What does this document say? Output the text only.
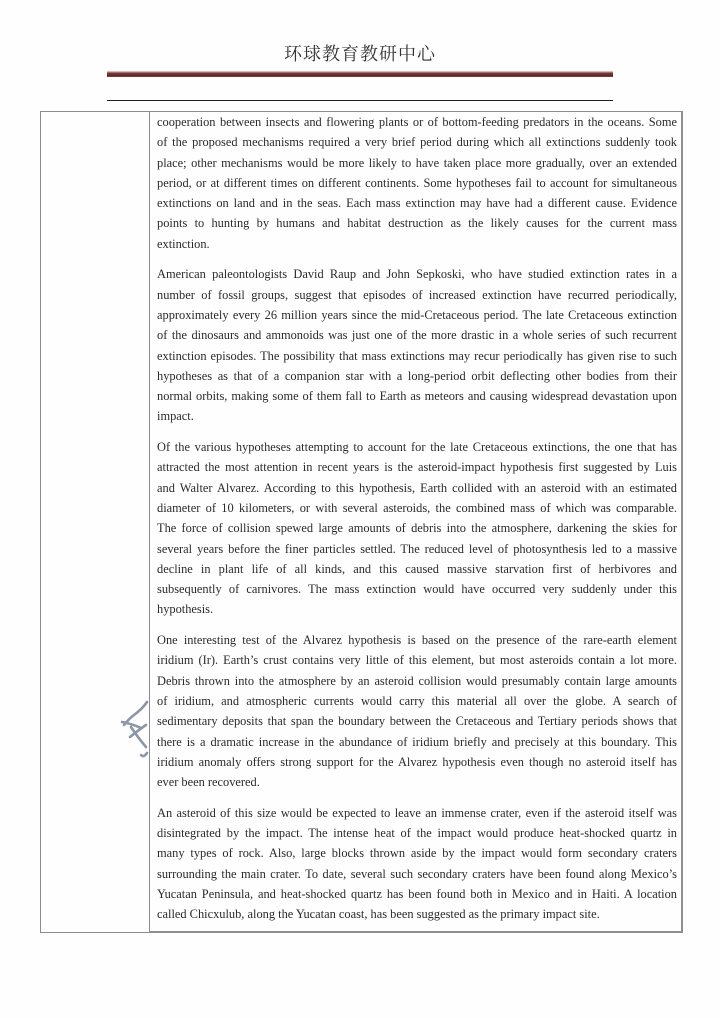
环球教育教研中心

cooperation between insects and flowering plants or of bottom-feeding predators in the oceans. Some
of the proposed mechanisms required a very brief period during which all extinctions suddenly took
place; other mechanisms would be more likely to have taken place more gradually, over an extended
period, or at different times on different continents. Some hypotheses fail to account for simultaneous
extinctions on land and in the seas. Each mass extinction may have had a different cause. Evidence
points to hunting by humans and habitat destruction as the likely causes for the current mass
extinction.
American paleontologists David Raup and John Sepkoski, who have studied extinction rates in a
number of fossil groups, suggest that episodes of increased extinction have recurred periodically,
approximately every 26 million years since the mid-Cretaceous period. The late Cretaceous extinction
of the dinosaurs and ammonoids was just one of the more drastic in a whole series of such recurrent
extinction episodes. The possibility that mass extinctions may recur periodically has given rise to such
hypotheses as that of a companion star with a long-period orbit deflecting other bodies from their
normal orbits, making some of them fall to Earth as meteors and causing widespread devastation upon
impact.
Of the various hypotheses attempting to account for the late Cretaceous extinctions, the one that has
attracted the most attention in recent years is the asteroid-impact hypothesis first suggested by Luis
and Walter Alvarez. According to this hypothesis, Earth collided with an asteroid with an estimated
diameter of 10 kilometers, or with several asteroids, the combined mass of which was comparable.
The force of collision spewed large amounts of debris into the atmosphere, darkening the skies for
several years before the finer particles settled. The reduced level of photosynthesis led to a massive
decline in plant life of all kinds, and this caused massive starvation first of herbivores and
subsequently of carnivores. The mass extinction would have occurred very suddenly under this
hypothesis.
One interesting test of the Alvarez hypothesis is based on the presence of the rare-earth element
iridium (Ir). Earth’s crust contains very little of this element, but most asteroids contain a lot more.
Debris thrown into the atmosphere by an asteroid collision would presumably contain large amounts
of iridium, and atmospheric currents would carry this material all over the globe. A search of
sedimentary deposits that span the boundary between the Cretaceous and Tertiary periods shows that
there is a dramatic increase in the abundance of iridium briefly and precisely at this boundary. This
iridium anomaly offers strong support for the Alvarez hypothesis even though no asteroid itself has
ever been recovered.
An asteroid of this size would be expected to leave an immense crater, even if the asteroid itself was
disintegrated by the impact. The intense heat of the impact would produce heat-shocked quartz in
many types of rock. Also, large blocks thrown aside by the impact would form secondary craters
surrounding the main crater. To date, several such secondary craters have been found along Mexico’s
Yucatan Peninsula, and heat-shocked quartz has been found both in Mexico and in Haiti. A location
called Chicxulub, along the Yucatan coast, has been suggested as the primary impact site.
